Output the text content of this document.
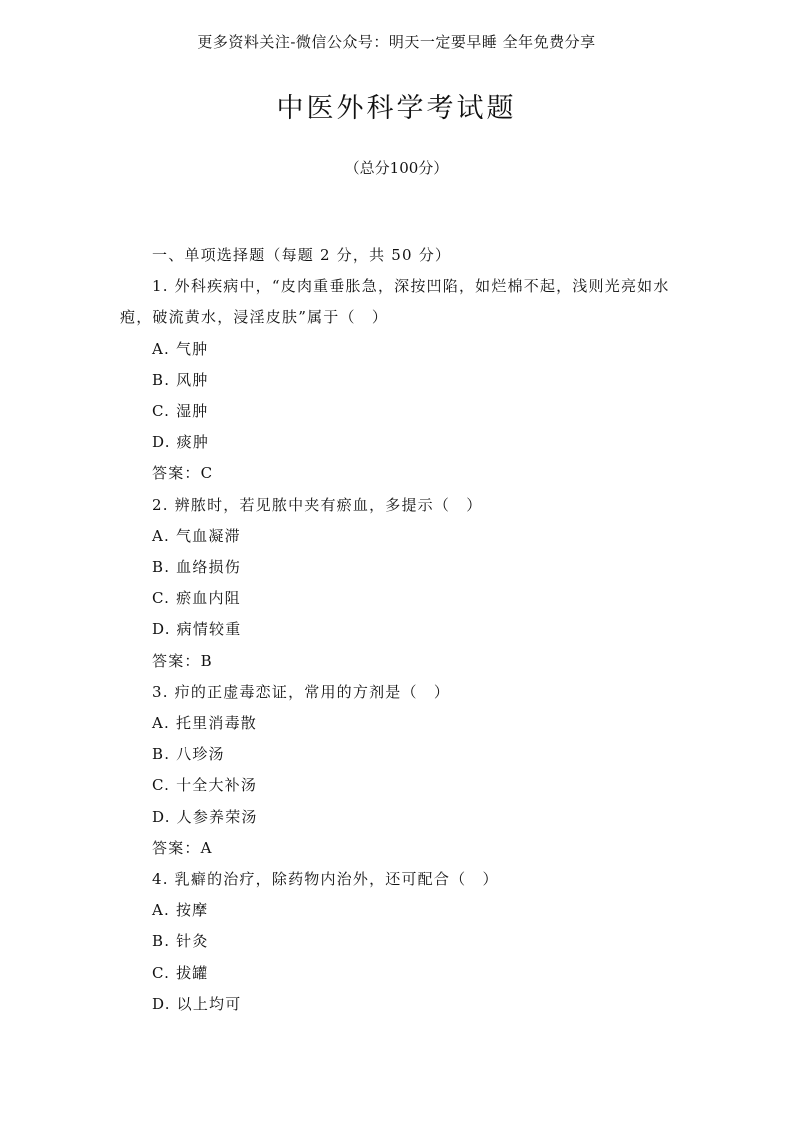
更多资料关注-微信公众号：明天一定要早睡 全年免费分享
中医外科学考试题
（总分100分）
一、单项选择题（每题 2 分，共 50 分）
1. 外科疾病中，“皮肉重垂胀急，深按凹陷，如烂棉不起，浅则光亮如水疱，破流黄水，浸淫皮肤”属于（　）
A. 气肿
B. 风肿
C. 湿肿
D. 痰肿
答案：C
2. 辨脓时，若见脓中夹有瘀血，多提示（　）
A. 气血凝滞
B. 血络损伤
C. 瘀血内阻
D. 病情较重
答案：B
3. 疖的正虚毒恋证，常用的方剂是（　）
A. 托里消毒散
B. 八珍汤
C. 十全大补汤
D. 人参养荣汤
答案：A
4. 乳癖的治疗，除药物内治外，还可配合（　）
A. 按摩
B. 针灸
C. 拔罐
D. 以上均可
